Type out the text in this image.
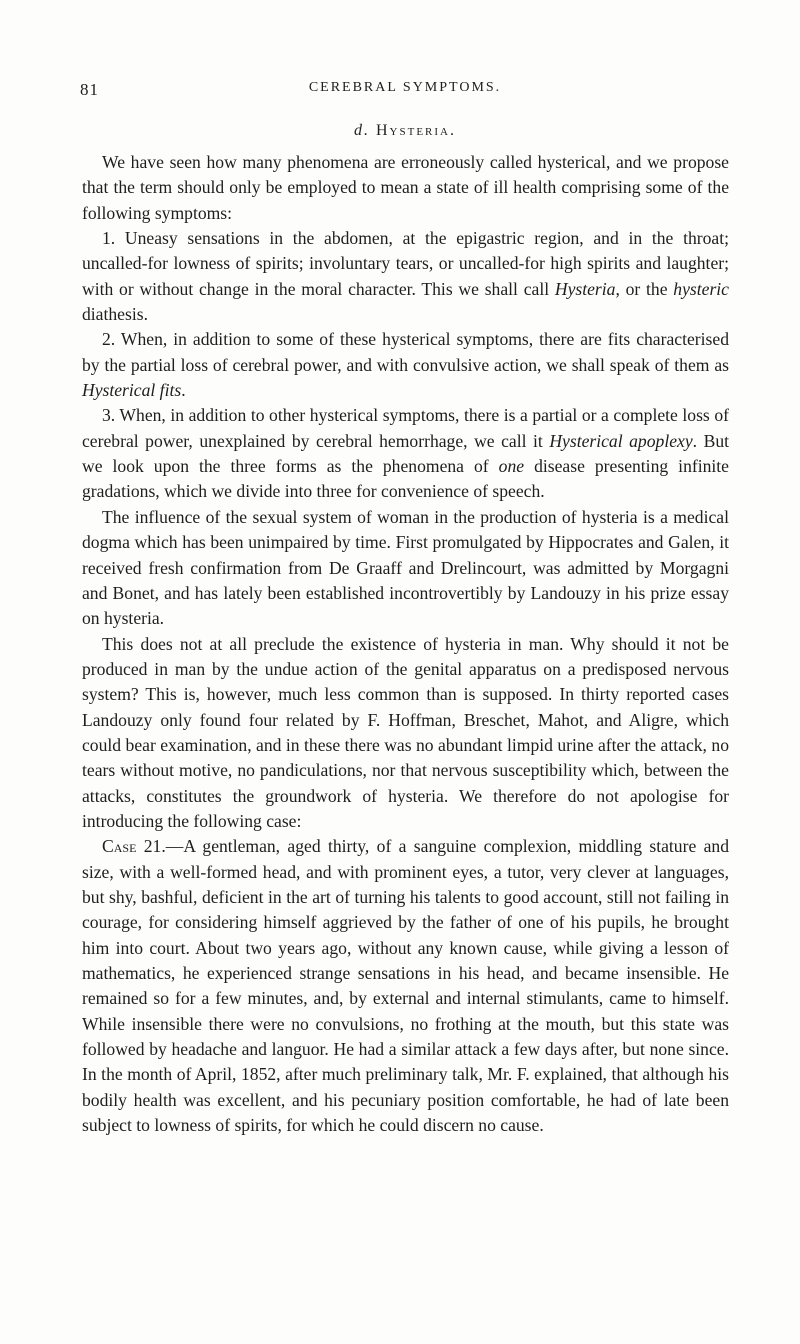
81	CEREBRAL SYMPTOMS.
d. Hysteria.

We have seen how many phenomena are erroneously called hysterical, and we propose that the term should only be employed to mean a state of ill health comprising some of the following symptoms:

1. Uneasy sensations in the abdomen, at the epigastric region, and in the throat; uncalled-for lowness of spirits; involuntary tears, or uncalled-for high spirits and laughter; with or without change in the moral character. This we shall call Hysteria, or the hysteric diathesis.

2. When, in addition to some of these hysterical symptoms, there are fits characterised by the partial loss of cerebral power, and with convulsive action, we shall speak of them as Hysterical fits.

3. When, in addition to other hysterical symptoms, there is a partial or a complete loss of cerebral power, unexplained by cerebral hemorrhage, we call it Hysterical apoplexy. But we look upon the three forms as the phenomena of one disease presenting infinite gradations, which we divide into three for convenience of speech.

The influence of the sexual system of woman in the production of hysteria is a medical dogma which has been unimpaired by time. First promulgated by Hippocrates and Galen, it received fresh confirmation from De Graaff and Drelincourt, was admitted by Morgagni and Bonet, and has lately been established incontrovertibly by Landouzy in his prize essay on hysteria.

This does not at all preclude the existence of hysteria in man. Why should it not be produced in man by the undue action of the genital apparatus on a predisposed nervous system? This is, however, much less common than is supposed. In thirty reported cases Landouzy only found four related by F. Hoffman, Breschet, Mahot, and Aligre, which could bear examination, and in these there was no abundant limpid urine after the attack, no tears without motive, no pandiculations, nor that nervous susceptibility which, between the attacks, constitutes the groundwork of hysteria. We therefore do not apologise for introducing the following case:

Case 21.—A gentleman, aged thirty, of a sanguine complexion, middling stature and size, with a well-formed head, and with prominent eyes, a tutor, very clever at languages, but shy, bashful, deficient in the art of turning his talents to good account, still not failing in courage, for considering himself aggrieved by the father of one of his pupils, he brought him into court. About two years ago, without any known cause, while giving a lesson of mathematics, he experienced strange sensations in his head, and became insensible. He remained so for a few minutes, and, by external and internal stimulants, came to himself. While insensible there were no convulsions, no frothing at the mouth, but this state was followed by headache and languor. He had a similar attack a few days after, but none since. In the month of April, 1852, after much preliminary talk, Mr. F. explained, that although his bodily health was excellent, and his pecuniary position comfortable, he had of late been subject to lowness of spirits, for which he could discern no cause.
